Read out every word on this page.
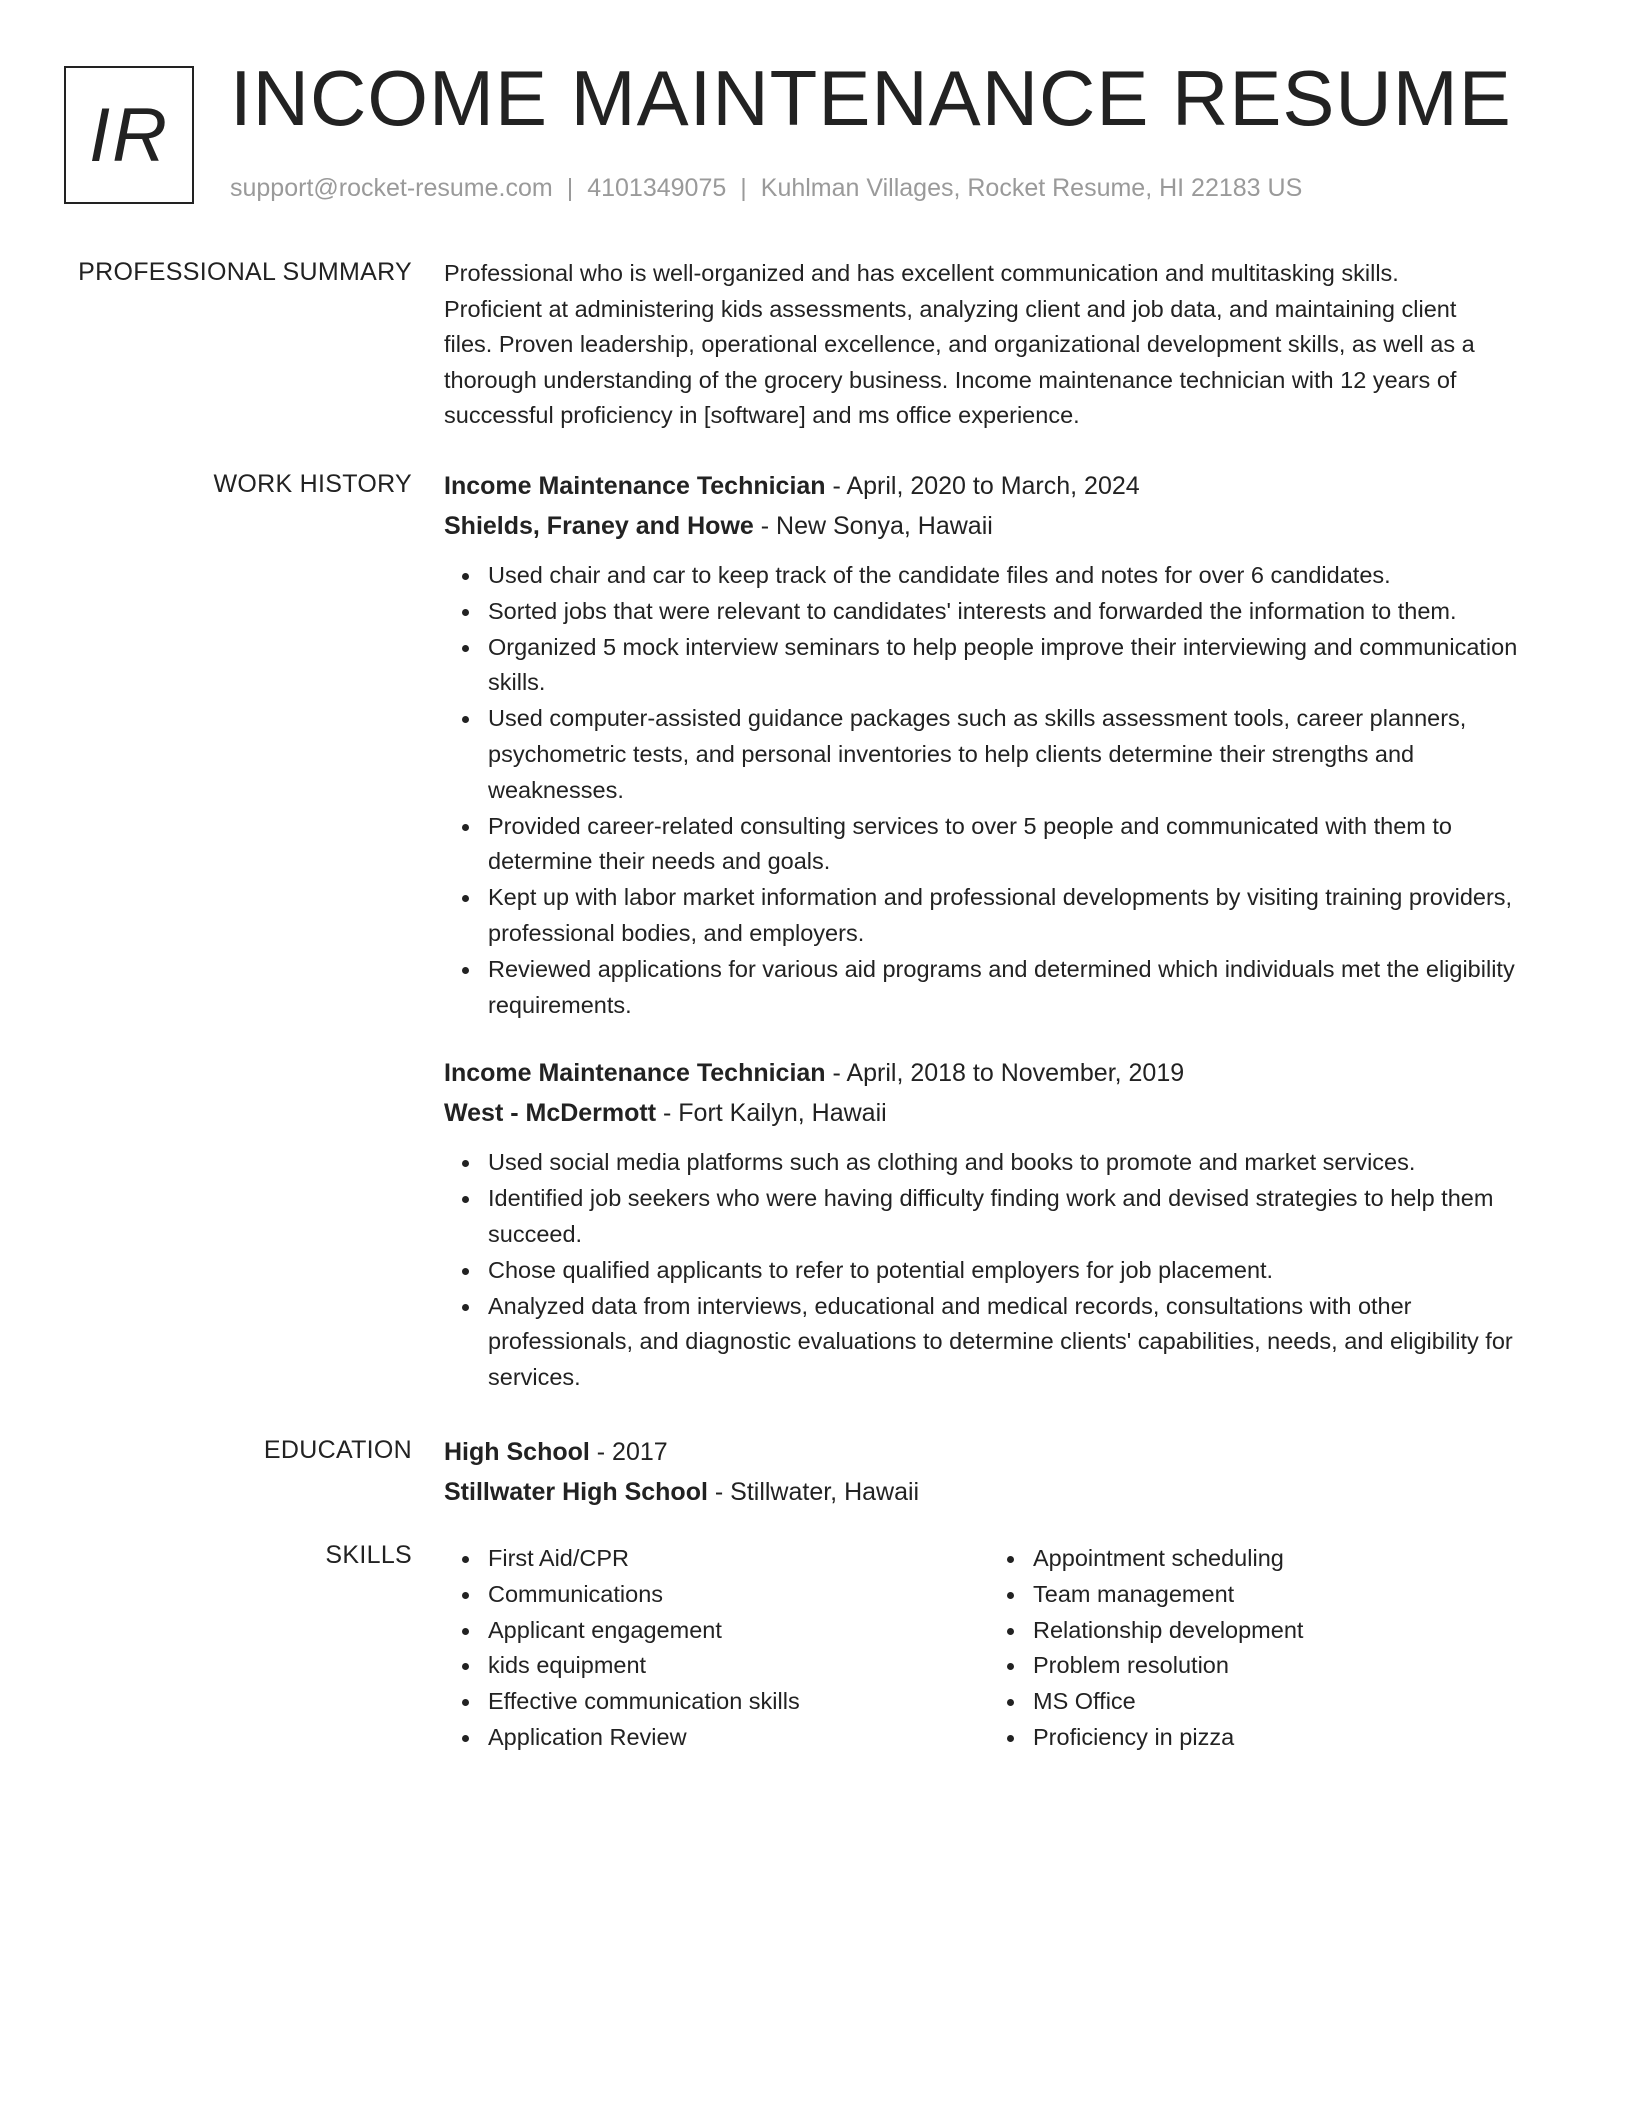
IR INCOME MAINTENANCE RESUME
support@rocket-resume.com | 4101349075 | Kuhlman Villages, Rocket Resume, HI 22183 US
PROFESSIONAL SUMMARY Professional who is well-organized and has excellent communication and multitasking skills.
Proficient at administering kids assessments, analyzing client and job data, and maintaining client
files. Proven leadership, operational excellence, and organizational development skills, as well as a
thorough understanding of the grocery business. Income maintenance technician with 12 years of
successful proficiency in [software] and ms office experience.
WORK HISTORY Income Maintenance Technician - April, 2020 to March, 2024
Shields, Franey and Howe - New Sonya, Hawaii
Used chair and car to keep track of the candidate files and notes for over 6 candidates.
Sorted jobs that were relevant to candidates' interests and forwarded the information to them.
Organized 5 mock interview seminars to help people improve their interviewing and communication skills.
Used computer-assisted guidance packages such as skills assessment tools, career planners, psychometric tests, and personal inventories to help clients determine their strengths and weaknesses.
Provided career-related consulting services to over 5 people and communicated with them to determine their needs and goals.
Kept up with labor market information and professional developments by visiting training providers, professional bodies, and employers.
Reviewed applications for various aid programs and determined which individuals met the eligibility requirements.
Income Maintenance Technician - April, 2018 to November, 2019
West - McDermott - Fort Kailyn, Hawaii
Used social media platforms such as clothing and books to promote and market services.
Identified job seekers who were having difficulty finding work and devised strategies to help them succeed.
Chose qualified applicants to refer to potential employers for job placement.
Analyzed data from interviews, educational and medical records, consultations with other professionals, and diagnostic evaluations to determine clients' capabilities, needs, and eligibility for services.
EDUCATION High School - 2017
Stillwater High School - Stillwater, Hawaii
SKILLS	First Aid/CPR
Communications
Applicant engagement
kids equipment
Effective communication skills
Application Review
Appointment scheduling
Team management
Relationship development
Problem resolution
MS Office
Proficiency in pizza
